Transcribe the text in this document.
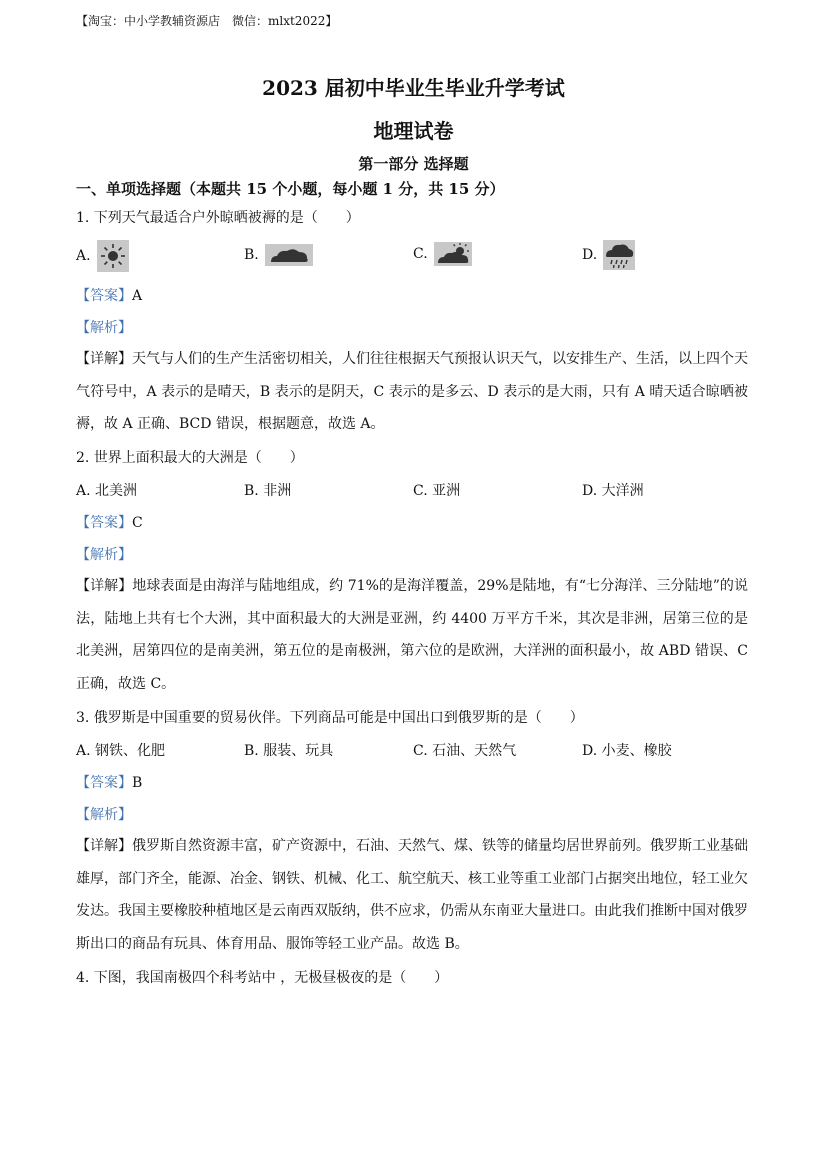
【淘宝：中小学教辅资源店　微信：mlxt2022】
2023 届初中毕业生毕业升学考试
地理试卷
第一部分 选择题
一、单项选择题（本题共 15 个小题，每小题 1 分，共 15 分）
1. 下列天气最适合户外晾晒被褥的是（　　）
A.	B.	C.	D.
【答案】A
【解析】
【详解】天气与人们的生产生活密切相关，人们往往根据天气预报认识天气，以安排生产、生活，以上四个天气符号中，A 表示的是晴天，B 表示的是阴天，C 表示的是多云、D 表示的是大雨，只有 A 晴天适合晾晒被褥，故 A 正确、BCD 错误，根据题意，故选 A。
2. 世界上面积最大的大洲是（　　）
A. 北美洲	B. 非洲	C. 亚洲	D. 大洋洲
【答案】C
【解析】
【详解】地球表面是由海洋与陆地组成，约 71%的是海洋覆盖，29%是陆地，有“七分海洋、三分陆地”的说法，陆地上共有七个大洲，其中面积最大的大洲是亚洲，约 4400 万平方千米，其次是非洲，居第三位的是北美洲，居第四位的是南美洲，第五位的是南极洲，第六位的是欧洲，大洋洲的面积最小，故 ABD 错误、C 正确，故选 C。
3. 俄罗斯是中国重要的贸易伙伴。下列商品可能是中国出口到俄罗斯的是（　　）
A. 钢铁、化肥	B. 服装、玩具	C. 石油、天然气	D. 小麦、橡胶
【答案】B
【解析】
【详解】俄罗斯自然资源丰富，矿产资源中，石油、天然气、煤、铁等的储量均居世界前列。俄罗斯工业基础雄厚，部门齐全，能源、冶金、钢铁、机械、化工、航空航天、核工业等重工业部门占据突出地位，轻工业欠发达。我国主要橡胶种植地区是云南西双版纳，供不应求，仍需从东南亚大量进口。由此我们推断中国对俄罗斯出口的商品有玩具、体育用品、服饰等轻工业产品。故选 B。
4. 下图，我国南极四个科考站中 ，无极昼极夜的是（　　）
